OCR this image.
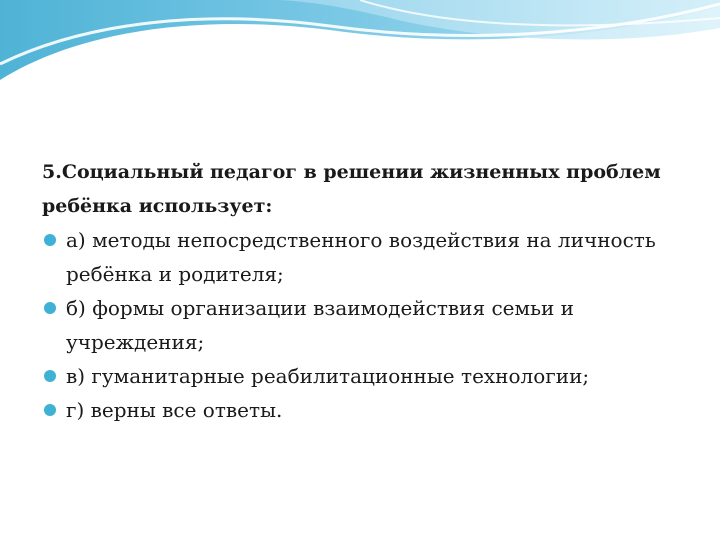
5.Социальный педагог в решении жизненных проблем ребёнка использует:

а) методы непосредственного воздействия на личность ребёнка и родителя;
б) формы организации взаимодействия семьи и учреждения;
в) гуманитарные реабилитационные технологии;
г) верны все ответы.
